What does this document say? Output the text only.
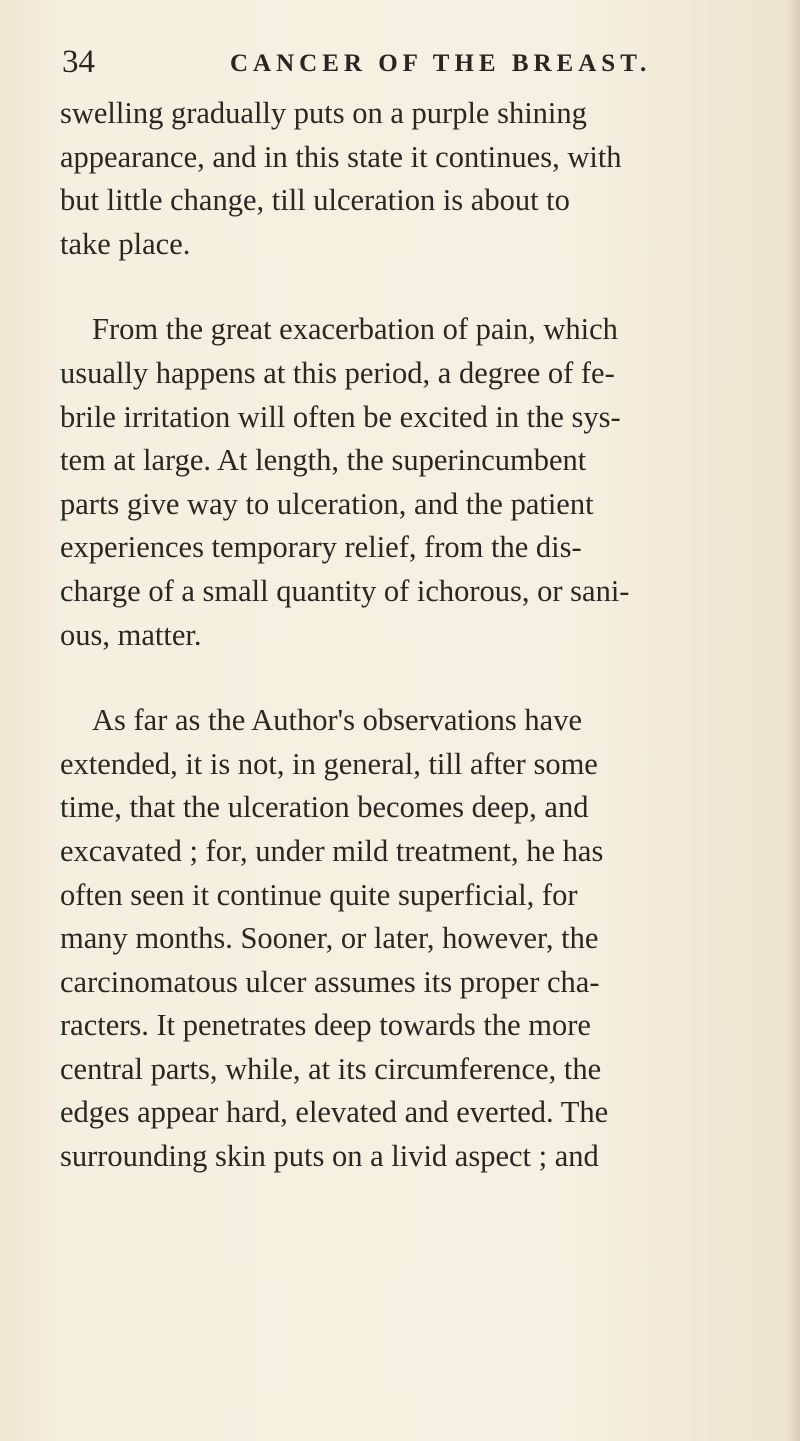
34	CANCER OF THE BREAST.

swelling gradually puts on a purple shining
appearance, and in this state it continues, with
but little change, till ulceration is about to
take place.

From the great exacerbation of pain, which
usually happens at this period, a degree of fe-
brile irritation will often be excited in the sys-
tem at large. At length, the superincumbent
parts give way to ulceration, and the patient
experiences temporary relief, from the dis-
charge of a small quantity of ichorous, or sani-
ous, matter.

As far as the Author's observations have
extended, it is not, in general, till after some
time, that the ulceration becomes deep, and
excavated ; for, under mild treatment, he has
often seen it continue quite superficial, for
many months. Sooner, or later, however, the
carcinomatous ulcer assumes its proper cha-
racters. It penetrates deep towards the more
central parts, while, at its circumference, the
edges appear hard, elevated and everted. The
surrounding skin puts on a livid aspect ; and
